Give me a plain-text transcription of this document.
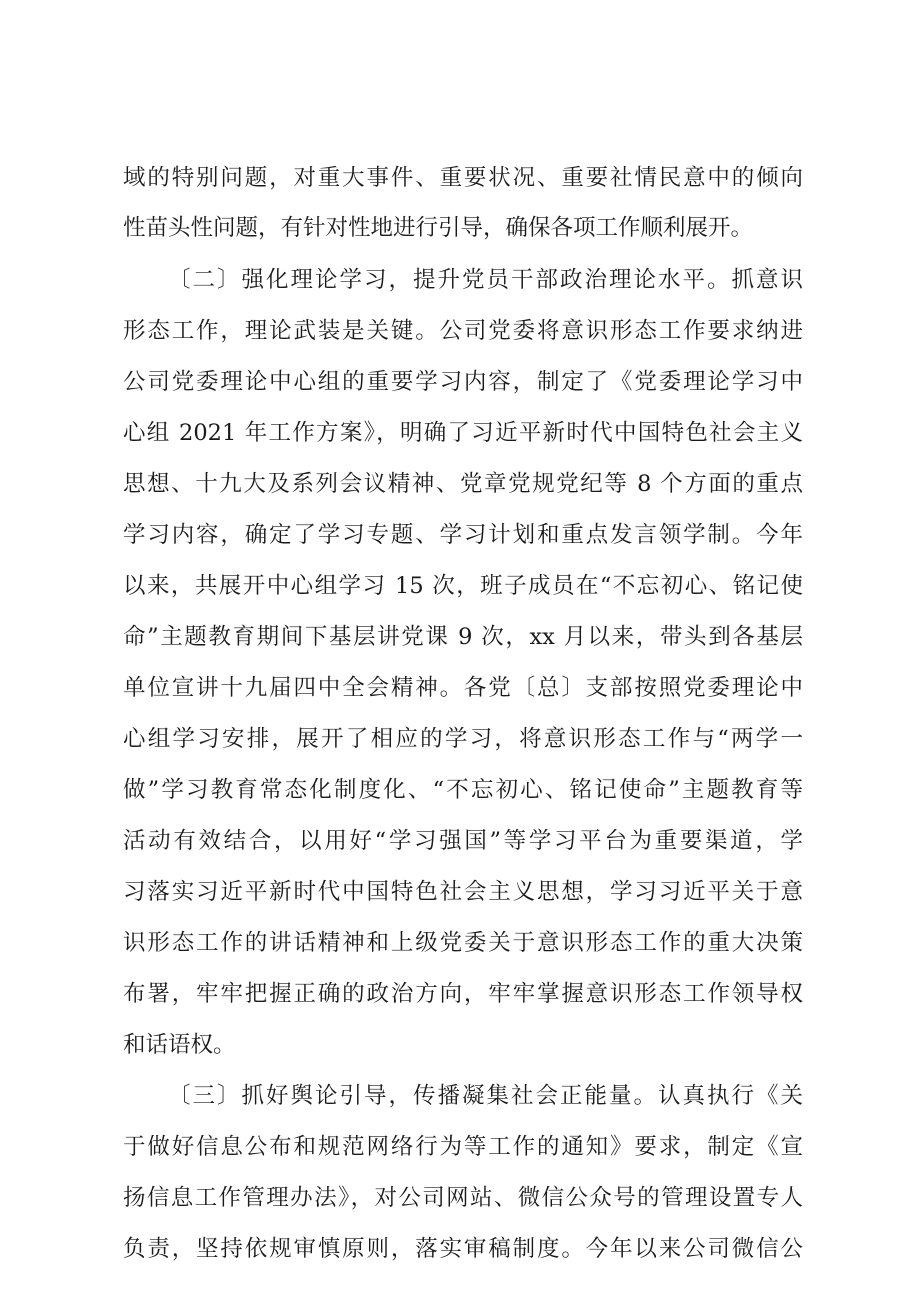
域的特别问题，对重大事件、重要状况、重要社情民意中的倾向
性苗头性问题，有针对性地进行引导，确保各项工作顺利展开。
〔二〕强化理论学习，提升党员干部政治理论水平。抓意识
形态工作，理论武装是关键。公司党委将意识形态工作要求纳进
公司党委理论中心组的重要学习内容，制定了《党委理论学习中
心组 2021 年工作方案》，明确了习近平新时代中国特色社会主义
思想、十九大及系列会议精神、党章党规党纪等 8 个方面的重点
学习内容，确定了学习专题、学习计划和重点发言领学制。今年
以来，共展开中心组学习 15 次，班子成员在“不忘初心、铭记使
命”主题教育期间下基层讲党课 9 次，xx 月以来，带头到各基层
单位宣讲十九届四中全会精神。各党〔总〕支部按照党委理论中
心组学习安排，展开了相应的学习，将意识形态工作与“两学一
做”学习教育常态化制度化、“不忘初心、铭记使命”主题教育等
活动有效结合，以用好“学习强国”等学习平台为重要渠道，学
习落实习近平新时代中国特色社会主义思想，学习习近平关于意
识形态工作的讲话精神和上级党委关于意识形态工作的重大决策
布署，牢牢把握正确的政治方向，牢牢掌握意识形态工作领导权
和话语权。
〔三〕抓好舆论引导，传播凝集社会正能量。认真执行《关
于做好信息公布和规范网络行为等工作的通知》要求，制定《宣
扬信息工作管理办法》，对公司网站、微信公众号的管理设置专人
负责，坚持依规审慎原则，落实审稿制度。今年以来公司微信公
